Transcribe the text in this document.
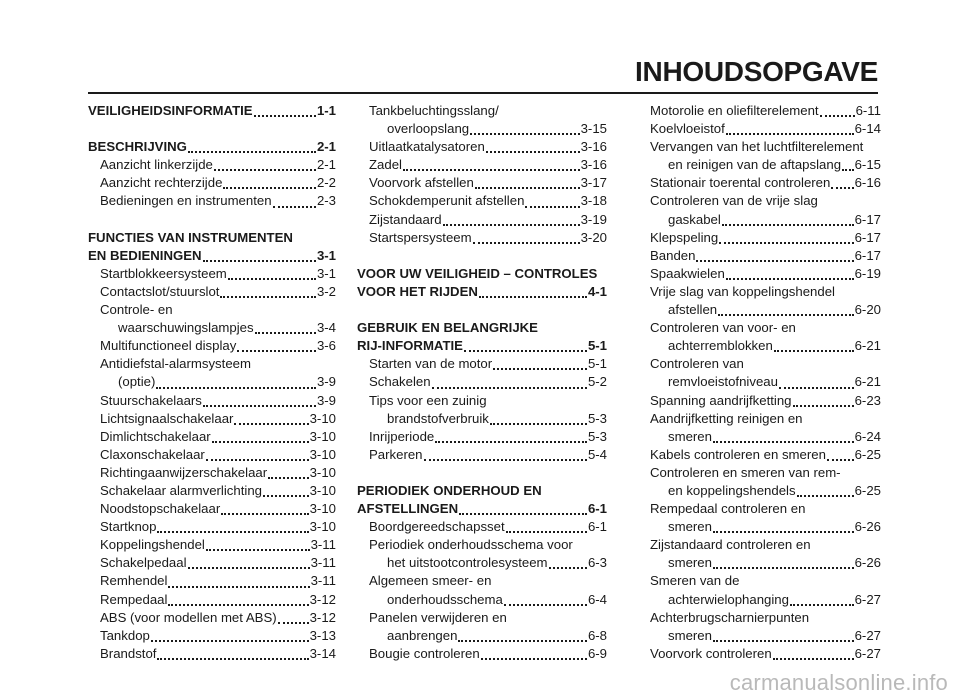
INHOUDSOPGAVE
VEILIGHEIDSINFORMATIE	1-1
BESCHRIJVING	2-1
Aanzicht linkerzijde	2-1
Aanzicht rechterzijde	2-2
Bedieningen en instrumenten	2-3
FUNCTIES VAN INSTRUMENTEN
EN BEDIENINGEN	3-1
Startblokkeersysteem	3-1
Contactslot/stuurslot	3-2
Controle- en
waarschuwingslampjes	3-4
Multifunctioneel display	3-6
Antidiefstal-alarmsysteem
(optie)	3-9
Stuurschakelaars	3-9
Lichtsignaalschakelaar	3-10
Dimlichtschakelaar	3-10
Claxonschakelaar	3-10
Richtingaanwijzerschakelaar	3-10
Schakelaar alarmverlichting	3-10
Noodstopschakelaar	3-10
Startknop	3-10
Koppelingshendel	3-11
Schakelpedaal	3-11
Remhendel	3-11
Rempedaal	3-12
ABS (voor modellen met ABS) 3-12
Tankdop	3-13
Brandstof	3-14
Tankbeluchtingsslang/
overloopslang	3-15
Uitlaatkatalysatoren	3-16
Zadel	3-16
Voorvork afstellen	3-17
Schokdemperunit afstellen	3-18
Zijstandaard	3-19
Startspersysteem	3-20
VOOR UW VEILIGHEID – CONTROLES
VOOR HET RIJDEN	4-1
GEBRUIK EN BELANGRIJKE
RIJ-INFORMATIE	5-1
Starten van de motor	5-1
Schakelen	5-2
Tips voor een zuinig
brandstofverbruik	5-3
Inrijperiode	5-3
Parkeren	5-4
PERIODIEK ONDERHOUD EN
AFSTELLINGEN	6-1
Boordgereedschapsset	6-1
Periodiek onderhoudsschema voor
het uitstootcontrolesysteem	6-3
Algemeen smeer- en
onderhoudsschema	6-4
Panelen verwijderen en
aanbrengen	6-8
Bougie controleren	6-9
Motorolie en oliefilterelement	6-11
Koelvloeistof	6-14
Vervangen van het luchtfilterelement
en reinigen van de aftapslang 6-15
Stationair toerental controleren 6-16
Controleren van de vrije slag
gaskabel	6-17
Klepspeling	6-17
Banden	6-17
Spaakwielen	6-19
Vrije slag van koppelingshendel
afstellen	6-20
Controleren van voor- en
achterremblokken	6-21
Controleren van
remvloeistofniveau	6-21
Spanning aandrijfketting	6-23
Aandrijfketting reinigen en
smeren	6-24
Kabels controleren en smeren 6-25
Controleren en smeren van rem-
en koppelingshendels	6-25
Rempedaal controleren en
smeren	6-26
Zijstandaard controleren en
smeren	6-26
Smeren van de
achterwielophanging	6-27
Achterbrugscharnierpunten
smeren	6-27
Voorvork controleren	6-27
carmanualsonline.info
